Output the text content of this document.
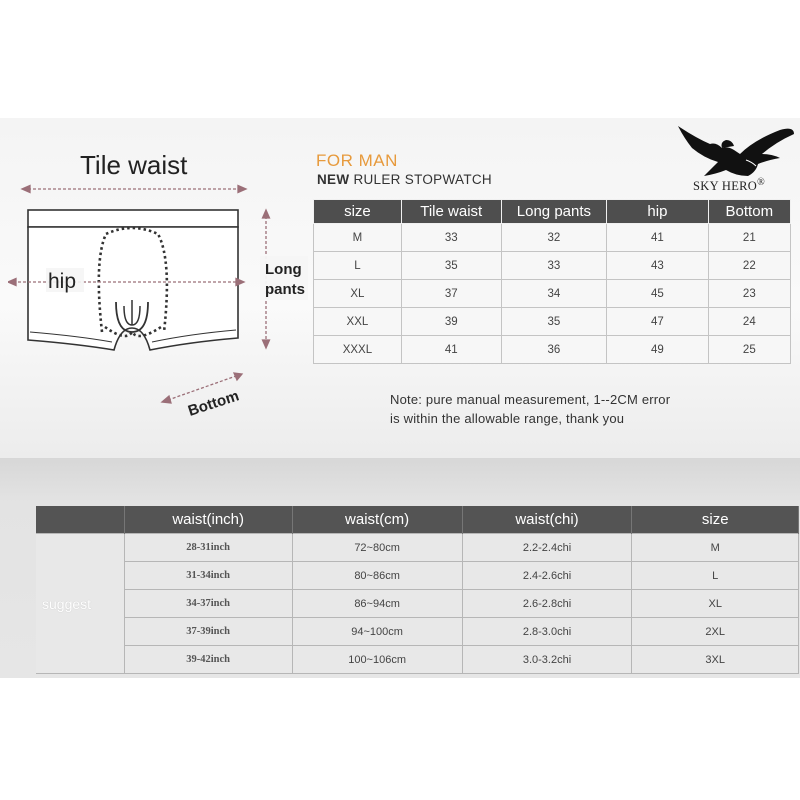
Tile waist
hip
Long
pants
Bottom
FOR MAN
NEW RULER STOPWATCH	SKY HERO®
size	Tile waist	Long pants	hip	Bottom
M	33	32	41	21
L	35	33	43	22
XL	37	34	45	23
XXL	39	35	47	24
XXXL	41	36	49	25
Note: pure manual measurement, 1--2CM error
is within the allowable range, thank you
	waist(inch)	waist(cm)	waist(chi)	size
suggest	28-31inch	72~80cm	2.2-2.4chi	M
	31-34inch	80~86cm	2.4-2.6chi	L
	34-37inch	86~94cm	2.6-2.8chi	XL
	37-39inch	94~100cm	2.8-3.0chi	2XL
	39-42inch	100~106cm	3.0-3.2chi	3XL
